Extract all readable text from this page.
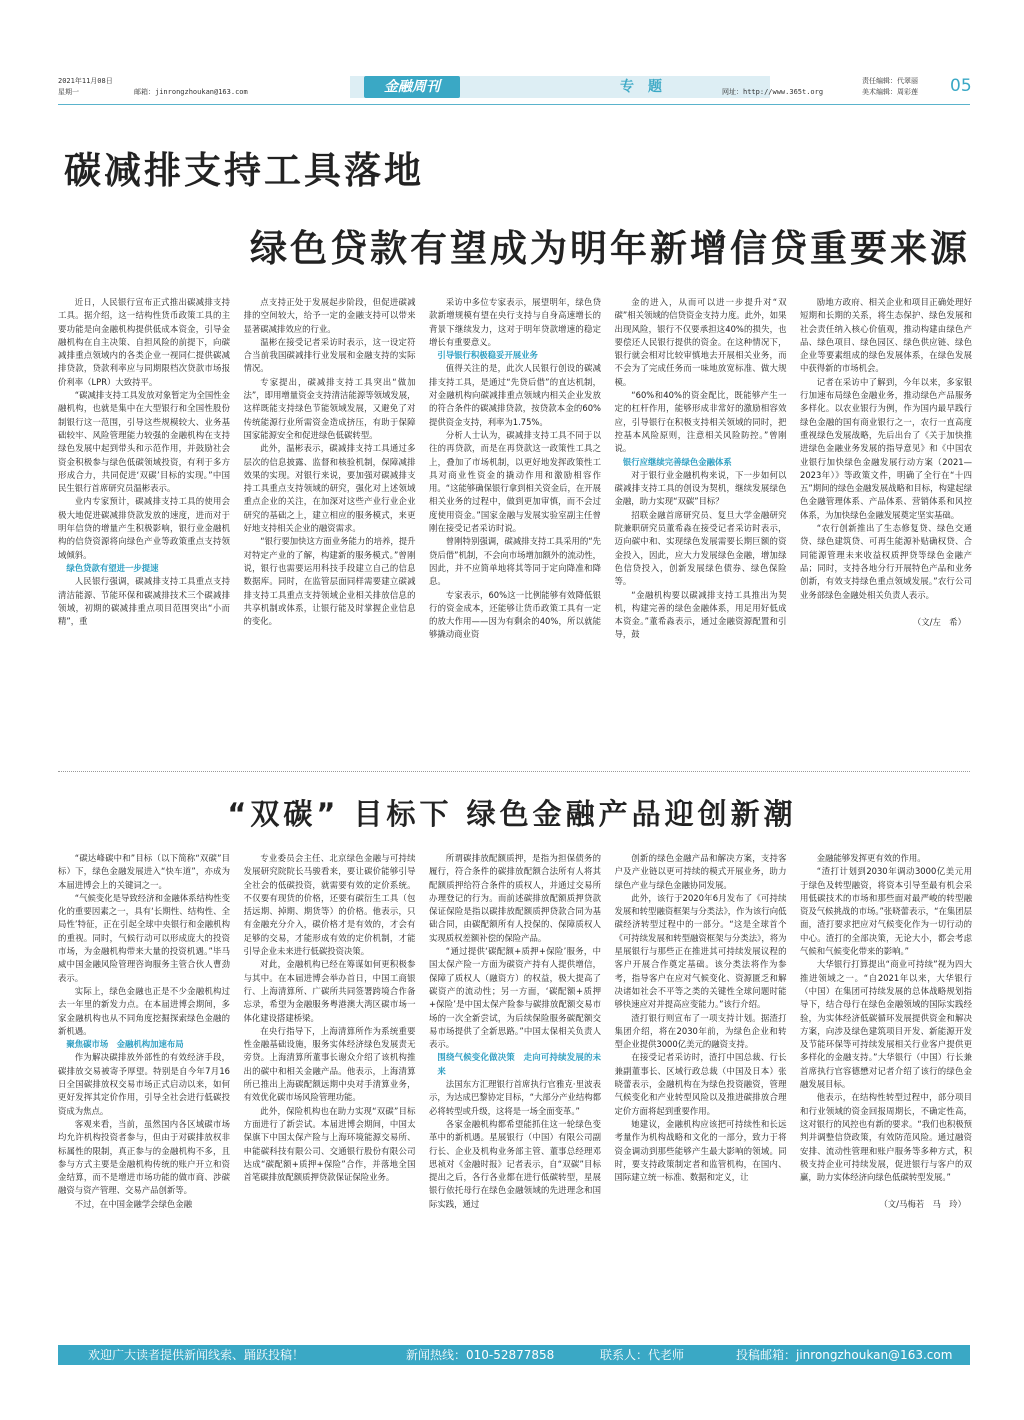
2021年11月08日
星期一	邮箱：jinrongzhoukan@163.com	金融周刊	专题	网址：http://www.365t.org
责任编辑：代翠丽
美术编辑：周彩莲 05
碳减排支持工具落地
绿色贷款有望成为明年新增信贷重要来源

近日，人民银行宣布正式推出碳减排支持工具。据介绍，这一结构性货币政策工具的主要功能是向金融机构提供低成本资金，引导金融机构在自主决策、自担风险的前提下，向碳减排重点领域内的各类企业一视同仁提供碳减排贷款，贷款利率应与同期限档次贷款市场报价利率（LPR）大致持平。

“碳减排支持工具发放对象暂定为全国性金融机构，也就是集中在大型银行和全国性股份制银行这一范围，引导这些规模较大、业务基础较牢、风险管理能力较强的金融机构在支持绿色发展中起到带头和示范作用，并鼓励社会资金积极参与绿色低碳领域投资，有利于多方形成合力，共同促进‘双碳’目标的实现。”中国民生银行首席研究员温彬表示。

业内专家预计，碳减排支持工具的使用会极大地促进碳减排贷款发放的速度，进而对于明年信贷的增量产生积极影响，银行业金融机构的信贷资源将向绿色产业等政策重点支持领域倾斜。

绿色贷款有望进一步提速

人民银行强调，碳减排支持工具重点支持清洁能源、节能环保和碳减排技术三个碳减排领域，初期的碳减排重点项目范围突出“小而精”，重

点支持正处于发展起步阶段，但促进碳减排的空间较大，给予一定的金融支持可以带来显著碳减排效应的行业。

温彬在接受记者采访时表示，这一设定符合当前我国碳减排行业发展和金融支持的实际情况。

专家提出，碳减排支持工具突出“做加法”，即用增量资金支持清洁能源等领域发展，这样既能支持绿色节能领域发展，又避免了对传统能源行业所需资金造成挤压，有助于保障国家能源安全和促进绿色低碳转型。

此外，温彬表示，碳减排支持工具通过多层次的信息披露、监督和核验机制，保障减排效果的实现。对银行来说，要加强对碳减排支持工具重点支持领域的研究，强化对上述领域重点企业的关注，在加深对这些产业行业企业研究的基础之上，建立相应的服务模式，来更好地支持相关企业的融资需求。

“银行要加快这方面业务能力的培养，提升对特定产业的了解，构建新的服务模式。”曾刚说，银行也需要运用科技手段建立自己的信息数据库。同时，在监管层面同样需要建立碳减排支持工具重点支持领域企业相关排放信息的共享机制或体系，让银行能及时掌握企业信息的变化。

采访中多位专家表示，展望明年，绿色贷款新增规模有望在央行支持与自身高速增长的背景下继续发力，这对于明年贷款增速的稳定增长有重要意义。

引导银行积极稳妥开展业务

值得关注的是，此次人民银行创设的碳减排支持工具，是通过“先贷后借”的直达机制，对金融机构向碳减排重点领域内相关企业发放的符合条件的碳减排贷款，按贷款本金的60%提供资金支持，利率为1.75%。

分析人士认为，碳减排支持工具不同于以往的再贷款，而是在再贷款这一政策性工具之上，叠加了市场机制，以更好地发挥政策性工具对商业性资金的撬动作用和激励相容作用。“这能够确保银行拿到相关资金后，在开展相关业务的过程中，做到更加审慎，而不会过度使用资金。”国家金融与发展实验室副主任曾刚在接受记者采访时说。

曾刚特别强调，碳减排支持工具采用的“先贷后借”机制，不会向市场增加额外的流动性，因此，并不应简单地将其等同于定向降准和降息。

专家表示，60%这一比例能够有效降低银行的资金成本，还能够让货币政策工具有一定的放大作用——因为有剩余的40%，所以就能够撬动商业资

金的进入，从而可以进一步提升对“双碳”相关领域的信贷资金支持力度。此外，如果出现风险，银行不仅要承担这40%的损失，也要偿还人民银行提供的资金。在这种情况下，银行就会相对比较审慎地去开展相关业务，而不会为了完成任务而一味地放宽标准、做大规模。

“60%和40%的资金配比，既能够产生一定的杠杆作用，能够形成非常好的激励相容效应，引导银行在积极支持相关领域的同时，把控基本风险原则，注意相关风险防控。”曾刚说。

银行应继续完善绿色金融体系

对于银行业金融机构来说，下一步如何以碳减排支持工具的创设为契机，继续发展绿色金融，助力实现“双碳”目标？

招联金融首席研究员、复旦大学金融研究院兼职研究员董希淼在接受记者采访时表示，迈向碳中和、实现绿色发展需要长期巨额的资金投入，因此，应大力发展绿色金融，增加绿色信贷投入，创新发展绿色债券、绿色保险等。

“金融机构要以碳减排支持工具推出为契机，构建完善的绿色金融体系，用足用好低成本资金。”董希淼表示，通过金融资源配置和引导，鼓

励地方政府、相关企业和项目正确处理好短期和长期的关系，将生态保护、绿色发展和社会责任纳入核心价值观，推动构建由绿色产品、绿色项目、绿色园区、绿色供应链、绿色企业等要素组成的绿色发展体系，在绿色发展中获得新的市场机会。

记者在采访中了解到，今年以来，多家银行加速布局绿色金融业务，推动绿色产品服务多样化。以农业银行为例，作为国内最早践行绿色金融的国有商业银行之一，农行一直高度重视绿色发展战略，先后出台了《关于加快推进绿色金融业务发展的指导意见》和《中国农业银行加快绿色金融发展行动方案（2021—2023年）》等政策文件，明确了全行在“十四五”期间的绿色金融发展战略和目标，构建起绿色金融管理体系、产品体系、营销体系和风控体系，为加快绿色金融发展奠定坚实基础。

“农行创新推出了生态修复贷、绿色交通贷、绿色建筑贷、可再生能源补贴确权贷、合同能源管理未来收益权质押贷等绿色金融产品；同时，支持各地分行开展特色产品和业务创新，有效支持绿色重点领域发展。”农行公司业务部绿色金融处相关负责人表示。

（文/左　希）

“双碳” 目标下 绿色金融产品迎创新潮

“碳达峰碳中和”目标（以下简称“双碳”目标）下，绿色金融发展进入“快车道”，亦成为本届进博会上的关键词之一。

“气候变化是导致经济和金融体系结构性变化的重要因素之一，具有‘长期性、结构性、全局性’特征，正在引起全球中央银行和金融机构的重视。同时，气候行动可以形成庞大的投资市场，为金融机构带来大量的投资机遇。”毕马威中国金融风险管理咨询服务主管合伙人曹劲表示。

实际上，绿色金融也正是不少金融机构过去一年里的新发力点。在本届进博会期间，多家金融机构也从不同角度挖掘探索绿色金融的新机遇。

聚焦碳市场　金融机构加速布局

作为解决碳排放外部性的有效经济手段，碳排放交易被寄予厚望。特别是自今年7月16日全国碳排放权交易市场正式启动以来，如何更好发挥其定价作用，引导全社会进行低碳投资成为焦点。

客观来看，当前，虽然国内各区域碳市场均允许机构投资者参与，但由于对碳排放权非标属性的限制，真正参与的金融机构不多，且参与方式主要是金融机构传统的账户开立和资金结算，而不是增进市场功能的做市商、涉碳融资与资产管理、交易产品创新等。

不过，在中国金融学会绿色金融

专业委员会主任、北京绿色金融与可持续发展研究院院长马骏看来，要让碳价能够引导全社会的低碳投资，就需要有效的定价系统。不仅要有现货的价格，还要有碳衍生工具（包括远期、掉期、期货等）的价格。他表示，只有金融充分介入，碳价格才是有效的，才会有足够的交易，才能形成有效的定价机制，才能引导企业未来进行低碳投资决策。

对此，金融机构已经在筹谋如何更积极参与其中。在本届进博会举办首日，中国工商银行、上海清算所、广碳所共同签署跨境合作备忘录，希望为金融服务粤港澳大湾区碳市场一体化建设搭建桥梁。

在央行指导下，上海清算所作为系统重要性金融基础设施，服务实体经济绿色发展责无旁贷。上海清算所董事长谢众介绍了该机构推出的碳中和相关金融产品。他表示，上海清算所已推出上海碳配额远期中央对手清算业务，有效优化碳市场风险管理功能。

此外，保险机构也在助力实现“双碳”目标方面进行了新尝试。本届进博会期间，中国太保旗下中国太保产险与上海环境能源交易所、申能碳科技有限公司、交通银行股份有限公司达成“碳配额+质押+保险”合作，并落地全国首笔碳排放配额质押贷款保证保险业务。

所谓碳排放配额质押，是指为担保债务的履行，符合条件的碳排放配额合法所有人将其配额质押给符合条件的质权人，并通过交易所办理登记的行为。而前述碳排放配额质押贷款保证保险是指以碳排放配额质押贷款合同为基础合同，由碳配额所有人投保的、保障质权人实现质权差额补偿的保险产品。

“通过提供‘碳配额+质押+保险’服务，中国太保产险一方面为碳资产持有人提供增信，保障了质权人（融资方）的权益，极大提高了碳资产的流动性；另一方面，‘碳配额+质押+保险’是中国太保产险参与碳排放配额交易市场的一次全新尝试，为后续保险服务碳配额交易市场提供了全新思路。”中国太保相关负责人表示。

围绕气候变化做决策　走向可持续发展的未来

法国东方汇理银行首席执行官雅克·里波表示，为达成巴黎协定目标，“大部分产业结构都必将转型或升级，这将是一场全面变革。”

各家金融机构都希望能抓住这一轮绿色变革中的新机遇。星展银行（中国）有限公司副行长、企业及机构业务部主管、董事总经理邓思祯对《金融时报》记者表示，自“双碳”目标提出之后，各行各业都在进行低碳转型，星展银行依托母行在绿色金融领域的先进理念和国际实践，通过

创新的绿色金融产品和解决方案，支持客户及产业链以更可持续的模式开展业务，助力绿色产业与绿色金融协同发展。

此外，该行于2020年6月发布了《可持续发展和转型融资框架与分类法》，作为该行向低碳经济转型过程中的一部分。“这是全球首个《可持续发展和转型融资框架与分类法》，将为星展银行与那些正在推进其可持续发展议程的客户开展合作奠定基础。该分类法将作为参考，指导客户在应对气候变化、资源匮乏和解决诸如社会不平等之类的关键性全球问题时能够快速应对并提高应变能力。”该行介绍。

渣打银行则宣布了一项支持计划。据渣打集团介绍，将在2030年前，为绿色企业和转型企业提供3000亿美元的融资支持。

在接受记者采访时，渣打中国总裁、行长兼副董事长、区域行政总裁（中国及日本）张晓蕾表示，金融机构在为绿色投资融资，管理气候变化和产业转型风险以及推进碳排放合理定价方面将起到重要作用。

她建议，金融机构应该把可持续性和长远考量作为机构战略和文化的一部分，致力于将资金调动到那些能够产生最大影响的领域。同时，要支持政策制定者和监管机构，在国内、国际建立统一标准、数据和定义，让

金融能够发挥更有效的作用。

“渣打计划到2030年调动3000亿美元用于绿色及转型融资，将资本引导至最有机会采用低碳技术的市场和那些面对最严峻的转型融资及气候挑战的市场。”张晓蕾表示，“在集团层面，渣打要求把应对气候变化作为一切行动的中心。渣打的全部决策，无论大小，都会考虑气候和气候变化带来的影响。”

大华银行打算提出“商业可持续”视为四大推进领域之一。“自2021年以来，大华银行（中国）在集团可持续发展的总体战略规划指导下，结合母行在绿色金融领域的国际实践经验，为实体经济低碳循环发展提供资金和解决方案，向涉及绿色建筑项目开发、新能源开发及节能环保等可持续发展相关行业客户提供更多样化的金融支持。”大华银行（中国）行长兼首席执行官容德懋对记者介绍了该行的绿色金融发展目标。

他表示，在结构性转型过程中，部分项目和行业领域的资金回报周期长，不确定性高，这对银行的风控也有新的要求。“我们也积极预判并调整信贷政策，有效防范风险。通过融资安排、流动性管理和账户服务等多种方式，积极支持企业可持续发展，促进银行与客户的双赢，助力实体经济向绿色低碳转型发展。”

（文/马梅若　马　玲）

欢迎广大读者提供新闻线索、踊跃投稿！	新闻热线：010-52877858	联系人：代老师	投稿邮箱：jinrongzhoukan@163.com
